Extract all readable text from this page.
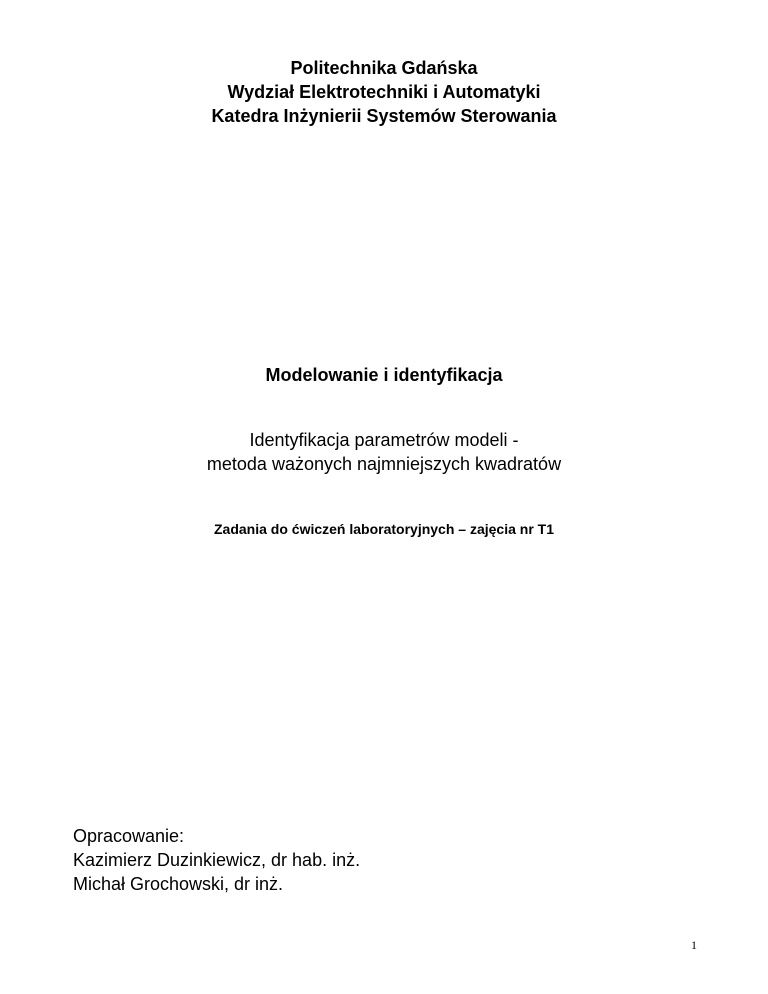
Politechnika Gdańska
Wydział Elektrotechniki i Automatyki
Katedra Inżynierii Systemów Sterowania
Modelowanie i identyfikacja
Identyfikacja parametrów modeli -
metoda ważonych najmniejszych kwadratów
Zadania do ćwiczeń laboratoryjnych – zajęcia nr T1
Opracowanie:
Kazimierz Duzinkiewicz, dr hab. inż.
Michał Grochowski, dr inż.
1
